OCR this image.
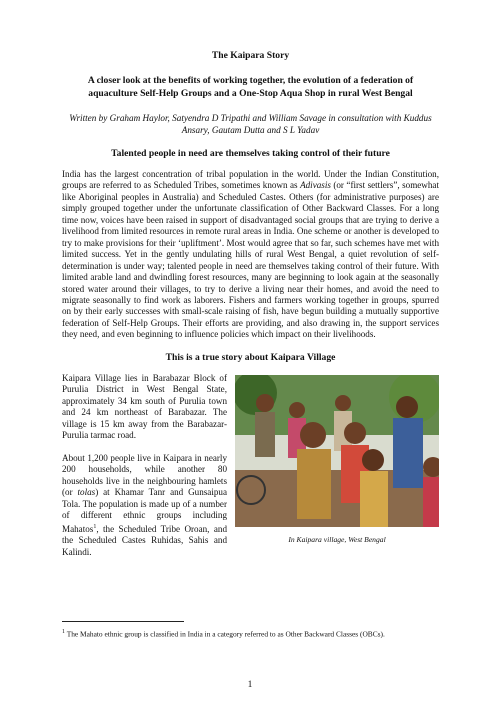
The Kaipara Story

A closer look at the benefits of working together, the evolution of a federation of aquaculture Self-Help Groups and a One-Stop Aqua Shop in rural West Bengal

Written by Graham Haylor, Satyendra D Tripathi and William Savage in consultation with Kuddus Ansary, Gautam Dutta and S L Yadav

Talented people in need are themselves taking control of their future

India has the largest concentration of tribal population in the world. Under the Indian Constitution, groups are referred to as Scheduled Tribes, sometimes known as Adivasis (or “first settlers”, somewhat like Aboriginal peoples in Australia) and Scheduled Castes. Others (for administrative purposes) are simply grouped together under the unfortunate classification of Other Backward Classes. For a long time now, voices have been raised in support of disadvantaged social groups that are trying to derive a livelihood from limited resources in remote rural areas in India. One scheme or another is developed to try to make provisions for their ‘upliftment’. Most would agree that so far, such schemes have met with limited success. Yet in the gently undulating hills of rural West Bengal, a quiet revolution of self-determination is under way; talented people in need are themselves taking control of their future. With limited arable land and dwindling forest resources, many are beginning to look again at the seasonally stored water around their villages, to try to derive a living near their homes, and avoid the need to migrate seasonally to find work as laborers. Fishers and farmers working together in groups, spurred on by their early successes with small-scale raising of fish, have begun building a mutually supportive federation of Self-Help Groups. Their efforts are providing, and also drawing in, the support services they need, and even beginning to influence policies which impact on their livelihoods.

This is a true story about Kaipara Village

Kaipara Village lies in Barabazar Block of Purulia District in West Bengal State, approximately 34 km south of Purulia town and 24 km northeast of Barabazar. The village is 15 km away from the Barabazar-Purulia tarmac road.

About 1,200 people live in Kaipara in nearly 200 households, while another 80 households live in the neighbouring hamlets (or tolas) at Khamar Tanr and Gunsaipua Tola. The population is made up of a number of different ethnic groups including Mahatos$^1$, the Scheduled Tribe Oroan, and the Scheduled Castes Ruhidas, Sahis and Kalindi.

In Kaipara village, West Bengal
$^1$ The Mahato ethnic group is classified in India in a category referred to as Other Backward Classes (OBCs).
1
